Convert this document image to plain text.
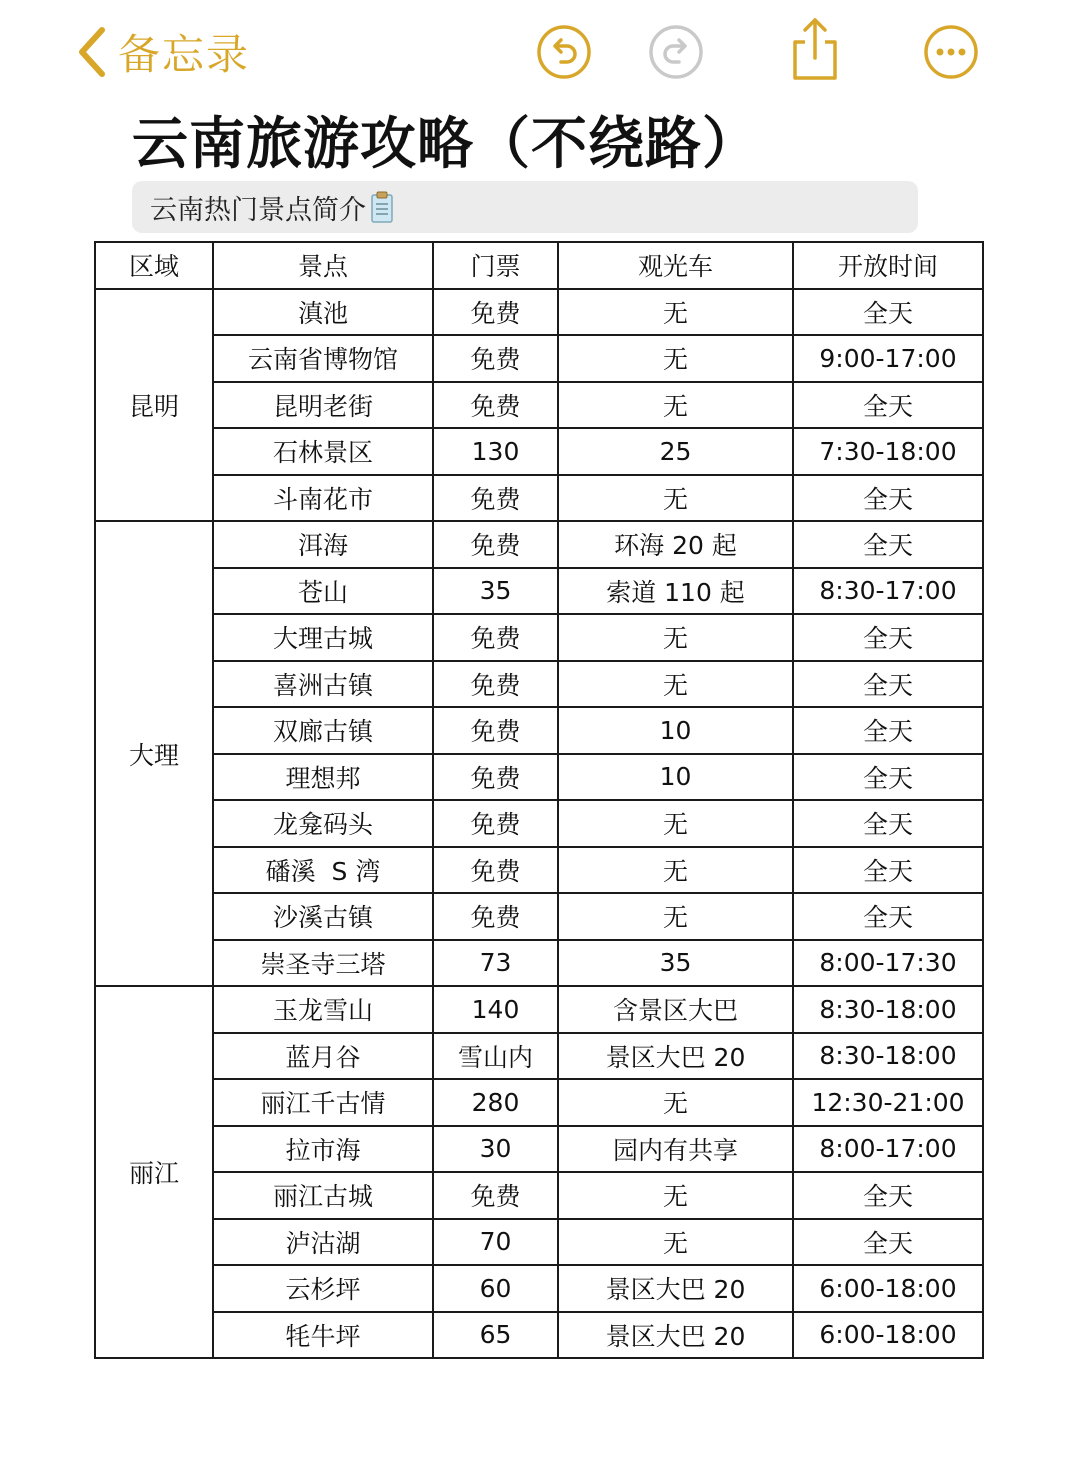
备忘录
云南旅游攻略（不绕路）
云南热门景点简介
区域	景点	门票	观光车	开放时间
昆明	滇池	免费	无	全天
	云南省博物馆	免费	无	9:00-17:00
	昆明老街	免费	无	全天
	石林景区	130	25	7:30-18:00
	斗南花市	免费	无	全天
大理	洱海	免费	环海 20 起	全天
	苍山	35	索道 110 起	8:30-17:00
	大理古城	免费	无	全天
	喜洲古镇	免费	无	全天
	双廊古镇	免费	10	全天
	理想邦	免费	10	全天
	龙龛码头	免费	无	全天
	磻溪  S 湾	免费	无	全天
	沙溪古镇	免费	无	全天
	崇圣寺三塔	73	35	8:00-17:30
丽江	玉龙雪山	140	含景区大巴	8:30-18:00
	蓝月谷	雪山内	景区大巴 20	8:30-18:00
	丽江千古情	280	无	12:30-21:00
	拉市海	30	园内有共享	8:00-17:00
	丽江古城	免费	无	全天
	泸沽湖	70	无	全天
	云杉坪	60	景区大巴 20	6:00-18:00
	牦牛坪	65	景区大巴 20	6:00-18:00
